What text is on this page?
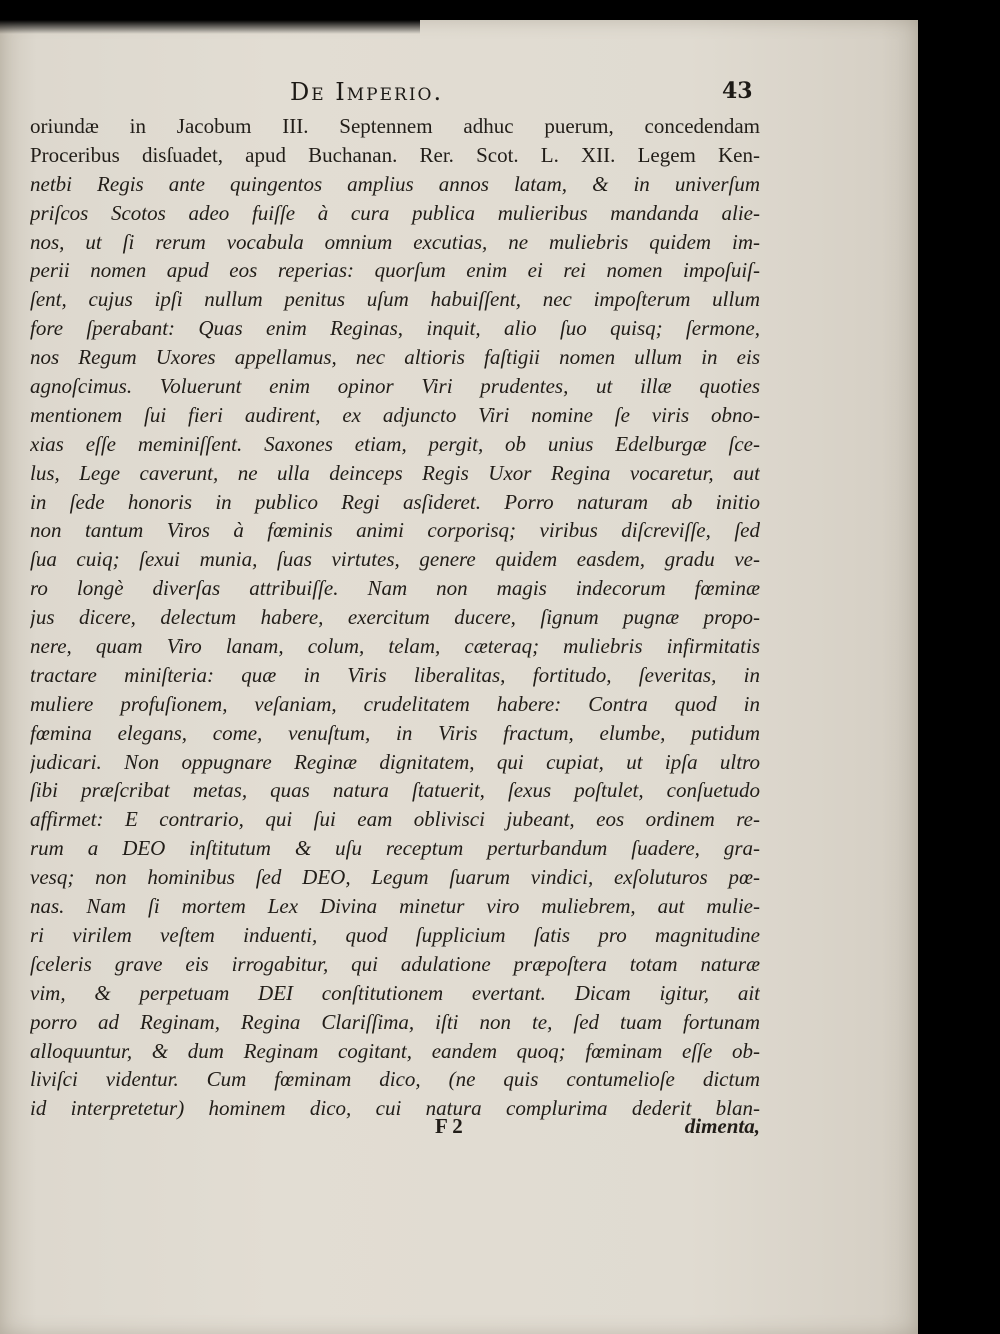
De Imperio.	43
oriundæ in Jacobum III. Septennem adhuc puerum, concedendam
Proceribus disſuadet, apud Buchanan. Rer. Scot. L. XII. Legem Ken-
netbi Regis ante quingentos amplius annos latam, & in univerſum
priſcos Scotos adeo fuiſſe à cura publica mulieribus mandanda alie-
nos, ut ſi rerum vocabula omnium excutias, ne muliebris quidem im-
perii nomen apud eos reperias: quorſum enim ei rei nomen impoſuiſ-
ſent, cujus ipſi nullum penitus uſum habuiſſent, nec impoſterum ullum
fore ſperabant: Quas enim Reginas, inquit, alio ſuo quisq; ſermone,
nos Regum Uxores appellamus, nec altioris faſtigii nomen ullum in eis
agnoſcimus. Voluerunt enim opinor Viri prudentes, ut illæ quoties
mentionem ſui fieri audirent, ex adjuncto Viri nomine ſe viris obno-
xias eſſe meminiſſent. Saxones etiam, pergit, ob unius Edelburgæ ſce-
lus, Lege caverunt, ne ulla deinceps Regis Uxor Regina vocaretur, aut
in ſede honoris in publico Regi asſideret. Porro naturam ab initio
non tantum Viros à fœminis animi corporisq; viribus diſcreviſſe, ſed
ſua cuiq; ſexui munia, ſuas virtutes, genere quidem easdem, gradu ve-
ro longè diverſas attribuiſſe. Nam non magis indecorum fœminæ
jus dicere, delectum habere, exercitum ducere, ſignum pugnæ propo-
nere, quam Viro lanam, colum, telam, cæteraq; muliebris infirmitatis
tractare miniſteria: quæ in Viris liberalitas, fortitudo, ſeveritas, in
muliere profuſionem, veſaniam, crudelitatem habere: Contra quod in
fœmina elegans, come, venuſtum, in Viris fractum, elumbe, putidum
judicari. Non oppugnare Reginæ dignitatem, qui cupiat, ut ipſa ultro
ſibi præſcribat metas, quas natura ſtatuerit, ſexus poſtulet, conſuetudo
affirmet: E contrario, qui ſui eam oblivisci jubeant, eos ordinem re-
rum a DEO inſtitutum & uſu receptum perturbandum ſuadere, gra-
vesq; non hominibus ſed DEO, Legum ſuarum vindici, exſoluturos pœ-
nas. Nam ſi mortem Lex Divina minetur viro muliebrem, aut mulie-
ri virilem veſtem induenti, quod ſupplicium ſatis pro magnitudine
ſceleris grave eis irrogabitur, qui adulatione præpoſtera totam naturæ
vim, & perpetuam DEI conſtitutionem evertant. Dicam igitur, ait
porro ad Reginam, Regina Clariſſima, iſti non te, ſed tuam fortunam
alloquuntur, & dum Reginam cogitant, eandem quoq; fœminam eſſe ob-
liviſci videntur. Cum fœminam dico, (ne quis contumelioſe dictum
id interpretetur) hominem dico, cui natura complurima dederit blan-
F 2	dimenta,
